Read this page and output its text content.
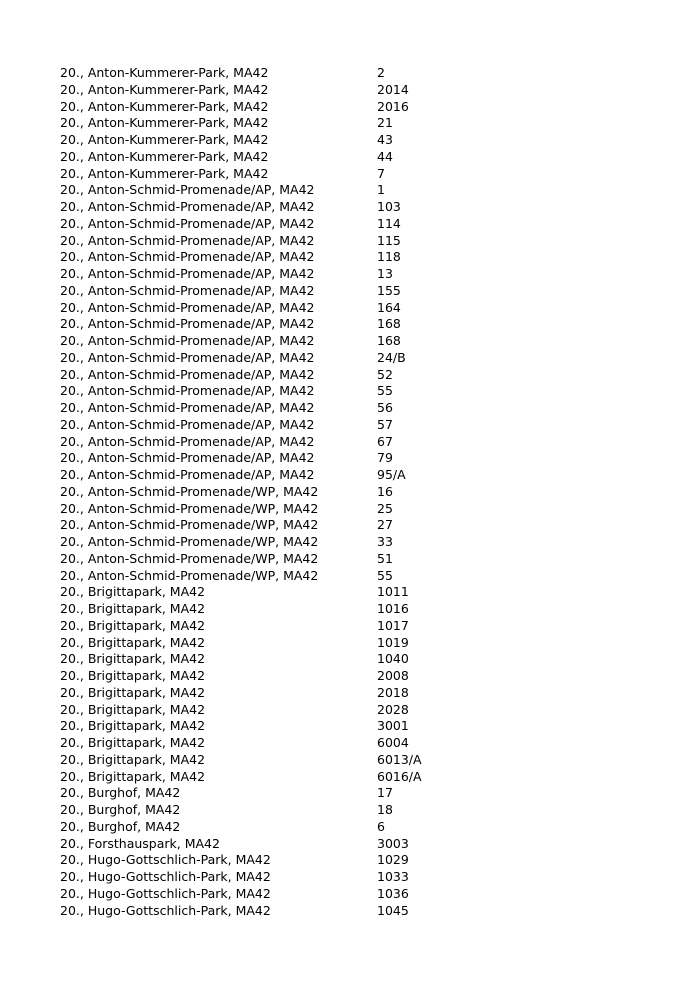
20., Anton-Kummerer-Park, MA42	2
20., Anton-Kummerer-Park, MA42	2014
20., Anton-Kummerer-Park, MA42	2016
20., Anton-Kummerer-Park, MA42	21
20., Anton-Kummerer-Park, MA42	43
20., Anton-Kummerer-Park, MA42	44
20., Anton-Kummerer-Park, MA42	7
20., Anton-Schmid-Promenade/AP, MA42	1
20., Anton-Schmid-Promenade/AP, MA42	103
20., Anton-Schmid-Promenade/AP, MA42	114
20., Anton-Schmid-Promenade/AP, MA42	115
20., Anton-Schmid-Promenade/AP, MA42	118
20., Anton-Schmid-Promenade/AP, MA42	13
20., Anton-Schmid-Promenade/AP, MA42	155
20., Anton-Schmid-Promenade/AP, MA42	164
20., Anton-Schmid-Promenade/AP, MA42	168
20., Anton-Schmid-Promenade/AP, MA42	168
20., Anton-Schmid-Promenade/AP, MA42	24/B
20., Anton-Schmid-Promenade/AP, MA42	52
20., Anton-Schmid-Promenade/AP, MA42	55
20., Anton-Schmid-Promenade/AP, MA42	56
20., Anton-Schmid-Promenade/AP, MA42	57
20., Anton-Schmid-Promenade/AP, MA42	67
20., Anton-Schmid-Promenade/AP, MA42	79
20., Anton-Schmid-Promenade/AP, MA42	95/A
20., Anton-Schmid-Promenade/WP, MA42	16
20., Anton-Schmid-Promenade/WP, MA42	25
20., Anton-Schmid-Promenade/WP, MA42	27
20., Anton-Schmid-Promenade/WP, MA42	33
20., Anton-Schmid-Promenade/WP, MA42	51
20., Anton-Schmid-Promenade/WP, MA42	55
20., Brigittapark, MA42	1011
20., Brigittapark, MA42	1016
20., Brigittapark, MA42	1017
20., Brigittapark, MA42	1019
20., Brigittapark, MA42	1040
20., Brigittapark, MA42	2008
20., Brigittapark, MA42	2018
20., Brigittapark, MA42	2028
20., Brigittapark, MA42	3001
20., Brigittapark, MA42	6004
20., Brigittapark, MA42	6013/A
20., Brigittapark, MA42	6016/A
20., Burghof, MA42	17
20., Burghof, MA42	18
20., Burghof, MA42	6
20., Forsthauspark, MA42	3003
20., Hugo-Gottschlich-Park, MA42	1029
20., Hugo-Gottschlich-Park, MA42	1033
20., Hugo-Gottschlich-Park, MA42	1036
20., Hugo-Gottschlich-Park, MA42	1045
